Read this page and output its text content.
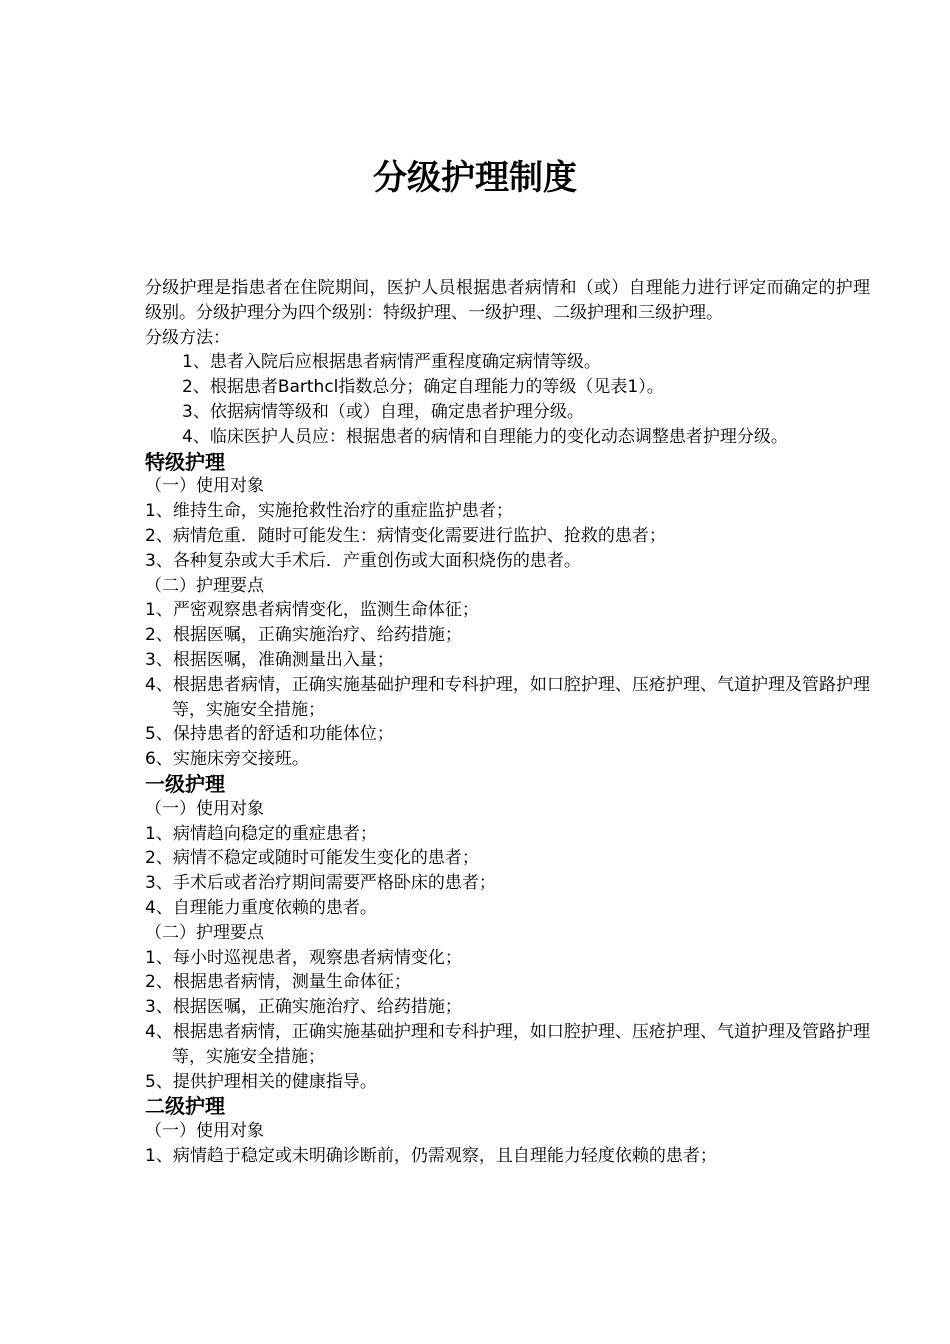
分级护理制度
分级护理是指患者在住院期间，医护人员根据患者病情和（或）自理能力进行评定而确定的护理级别。分级护理分为四个级别：特级护理、一级护理、二级护理和三级护理。
分级方法：
1、患者入院后应根据患者病情严重程度确定病情等级。
2、根据患者Barthcl指数总分；确定自理能力的等级（见表1）。
3、依据病情等级和（或）自理，确定患者护理分级。
4、临床医护人员应：根据患者的病情和自理能力的变化动态调整患者护理分级。
特级护理
（一）使用对象
1、维持生命，实施抢救性治疗的重症监护患者；
2、病情危重．随时可能发生：病情变化需要进行监护、抢救的患者；
3、各种复杂或大手术后．产重创伤或大面积烧伤的患者。
（二）护理要点
1、严密观察患者病情变化，监测生命体征；
2、根据医嘱，正确实施治疗、给药措施；
3、根据医嘱，准确测量出入量；
4、根据患者病情，正确实施基础护理和专科护理，如口腔护理、压疮护理、气道护理及管路护理等，实施安全措施；
5、保持患者的舒适和功能体位；
6、实施床旁交接班。
一级护理
（一）使用对象
1、病情趋向稳定的重症患者；
2、病情不稳定或随时可能发生变化的患者；
3、手术后或者治疗期间需要严格卧床的患者；
4、自理能力重度依赖的患者。
（二）护理要点
1、每小时巡视患者，观察患者病情变化；
2、根据患者病情，测量生命体征；
3、根据医嘱，正确实施治疗、给药措施；
4、根据患者病情，正确实施基础护理和专科护理，如口腔护理、压疮护理、气道护理及管路护理等，实施安全措施；
5、提供护理相关的健康指导。
二级护理
（一）使用对象
1、病情趋于稳定或未明确诊断前，仍需观察，且自理能力轻度依赖的患者；
